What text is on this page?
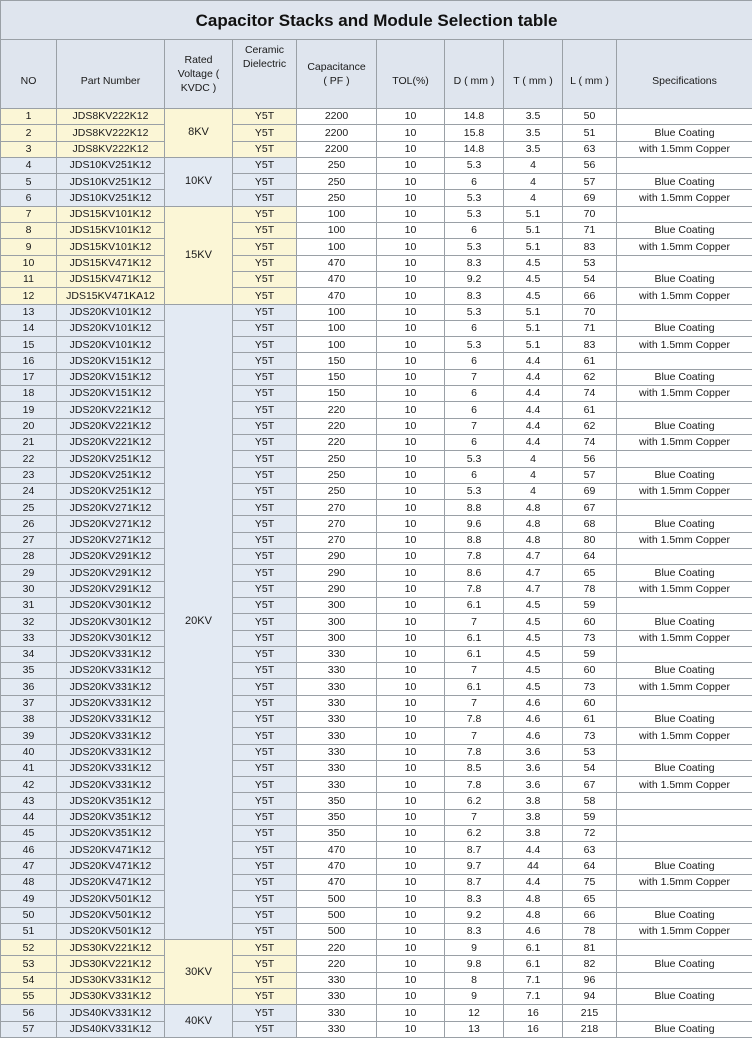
Capacitor Stacks and Module Selection table									
NO	Part Number	Rated Voltage ( KVDC )	Ceramic Dielectric	Capacitance ( PF )	TOL(%)	D ( mm )	T ( mm )	L ( mm )	Specifications
1	JDS8KV222K12	8KV	Y5T	2200	10	14.8	3.5	50	
2	JDS8KV222K12		Y5T	2200	10	15.8	3.5	51	Blue Coating
3	JDS8KV222K12		Y5T	2200	10	14.8	3.5	63	with 1.5mm Copper
4	JDS10KV251K12	10KV	Y5T	250	10	5.3	4	56	
5	JDS10KV251K12		Y5T	250	10	6	4	57	Blue Coating
6	JDS10KV251K12		Y5T	250	10	5.3	4	69	with 1.5mm Copper
7	JDS15KV101K12	15KV	Y5T	100	10	5.3	5.1	70	
8	JDS15KV101K12		Y5T	100	10	6	5.1	71	Blue Coating
9	JDS15KV101K12		Y5T	100	10	5.3	5.1	83	with 1.5mm Copper
10	JDS15KV471K12		Y5T	470	10	8.3	4.5	53	
11	JDS15KV471K12		Y5T	470	10	9.2	4.5	54	Blue Coating
12	JDS15KV471KA12		Y5T	470	10	8.3	4.5	66	with 1.5mm Copper
13	JDS20KV101K12	20KV	Y5T	100	10	5.3	5.1	70	
14	JDS20KV101K12		Y5T	100	10	6	5.1	71	Blue Coating
15	JDS20KV101K12		Y5T	100	10	5.3	5.1	83	with 1.5mm Copper
16	JDS20KV151K12		Y5T	150	10	6	4.4	61	
17	JDS20KV151K12		Y5T	150	10	7	4.4	62	Blue Coating
18	JDS20KV151K12		Y5T	150	10	6	4.4	74	with 1.5mm Copper
19	JDS20KV221K12		Y5T	220	10	6	4.4	61	
20	JDS20KV221K12		Y5T	220	10	7	4.4	62	Blue Coating
21	JDS20KV221K12		Y5T	220	10	6	4.4	74	with 1.5mm Copper
22	JDS20KV251K12		Y5T	250	10	5.3	4	56	
23	JDS20KV251K12		Y5T	250	10	6	4	57	Blue Coating
24	JDS20KV251K12		Y5T	250	10	5.3	4	69	with 1.5mm Copper
25	JDS20KV271K12		Y5T	270	10	8.8	4.8	67	
26	JDS20KV271K12		Y5T	270	10	9.6	4.8	68	Blue Coating
27	JDS20KV271K12		Y5T	270	10	8.8	4.8	80	with 1.5mm Copper
28	JDS20KV291K12		Y5T	290	10	7.8	4.7	64	
29	JDS20KV291K12		Y5T	290	10	8.6	4.7	65	Blue Coating
30	JDS20KV291K12		Y5T	290	10	7.8	4.7	78	with 1.5mm Copper
31	JDS20KV301K12		Y5T	300	10	6.1	4.5	59	
32	JDS20KV301K12		Y5T	300	10	7	4.5	60	Blue Coating
33	JDS20KV301K12		Y5T	300	10	6.1	4.5	73	with 1.5mm Copper
34	JDS20KV331K12		Y5T	330	10	6.1	4.5	59	
35	JDS20KV331K12		Y5T	330	10	7	4.5	60	Blue Coating
36	JDS20KV331K12		Y5T	330	10	6.1	4.5	73	with 1.5mm Copper
37	JDS20KV331K12		Y5T	330	10	7	4.6	60	
38	JDS20KV331K12		Y5T	330	10	7.8	4.6	61	Blue Coating
39	JDS20KV331K12		Y5T	330	10	7	4.6	73	with 1.5mm Copper
40	JDS20KV331K12		Y5T	330	10	7.8	3.6	53	
41	JDS20KV331K12		Y5T	330	10	8.5	3.6	54	Blue Coating
42	JDS20KV331K12		Y5T	330	10	7.8	3.6	67	with 1.5mm Copper
43	JDS20KV351K12		Y5T	350	10	6.2	3.8	58	
44	JDS20KV351K12		Y5T	350	10	7	3.8	59	
45	JDS20KV351K12		Y5T	350	10	6.2	3.8	72	
46	JDS20KV471K12		Y5T	470	10	8.7	4.4	63	
47	JDS20KV471K12		Y5T	470	10	9.7	44	64	Blue Coating
48	JDS20KV471K12		Y5T	470	10	8.7	4.4	75	with 1.5mm Copper
49	JDS20KV501K12		Y5T	500	10	8.3	4.8	65	
50	JDS20KV501K12		Y5T	500	10	9.2	4.8	66	Blue Coating
51	JDS20KV501K12		Y5T	500	10	8.3	4.6	78	with 1.5mm Copper
52	JDS30KV221K12	30KV	Y5T	220	10	9	6.1	81	
53	JDS30KV221K12		Y5T	220	10	9.8	6.1	82	Blue Coating
54	JDS30KV331K12		Y5T	330	10	8	7.1	96	
55	JDS30KV331K12		Y5T	330	10	9	7.1	94	Blue Coating
56	JDS40KV331K12	40KV	Y5T	330	10	12	16	215	
57	JDS40KV331K12		Y5T	330	10	13	16	218	Blue Coating
